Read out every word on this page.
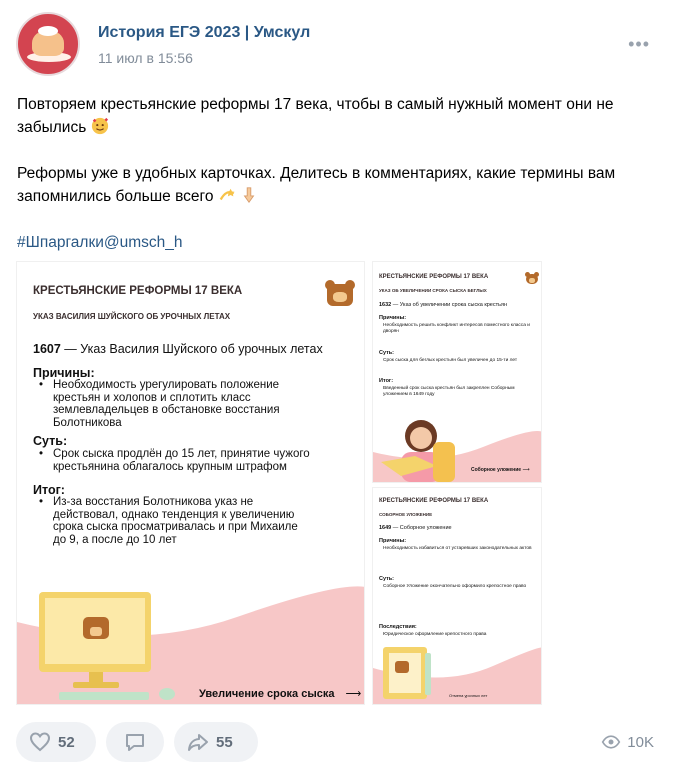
История ЕГЭ 2023 | Умскул
11 июл в 15:56
•••

Повторяем крестьянские реформы 17 века, чтобы в самый нужный момент они не забылись

Реформы уже в удобных карточках. Делитесь в комментариях, какие термины вам запомнились больше всего

#Шпаргалки@umsch_h

КРЕСТЬЯНСКИЕ РЕФОРМЫ 17 ВЕКА
УКАЗ ВАСИЛИЯ ШУЙСКОГО ОБ УРОЧНЫХ ЛЕТАХ
1607 — Указ Василия Шуйского об урочных летах
Причины:
• Необходимость урегулировать положение крестьян и холопов и сплотить класс землевладельцев в обстановке восстания Болотникова
Суть:
• Срок сыска продлён до 15 лет, принятие чужого крестьянина облагалось крупным штрафом
Итог:
• Из-за восстания Болотникова указ не действовал, однако тенденция к увеличению срока сыска просматривалась и при Михаиле до 9, а после до 10 лет
Увеличение срока сыска ⟶
КРЕСТЬЯНСКИЕ РЕФОРМЫ 17 ВЕКА
УКАЗ ОБ УВЕЛИЧЕНИИ СРОКА СЫСКА БЕГЛЫХ
1632 — Указ об увеличении срока сыска крестьян
Причины:
Необходимость решить конфликт интересов поместного класса и дворян
Суть:
Срок сыска для беглых крестьян был увеличен до 15-ти лет
Итог:
Введенный срок сыска крестьян был закреплен Соборным уложением в 1649 году
Соборное уложение ⟶
КРЕСТЬЯНСКИЕ РЕФОРМЫ 17 ВЕКА
СОБОРНОЕ УЛОЖЕНИЕ
1649 — Соборное уложение
Причины:
Необходимость избавиться от устаревших законодательных актов
Суть:
Соборное Уложение окончательно оформило крепостное право
Последствия:
Юридическое оформление крепостного права
Отмена урочных лет
52	55	10K
